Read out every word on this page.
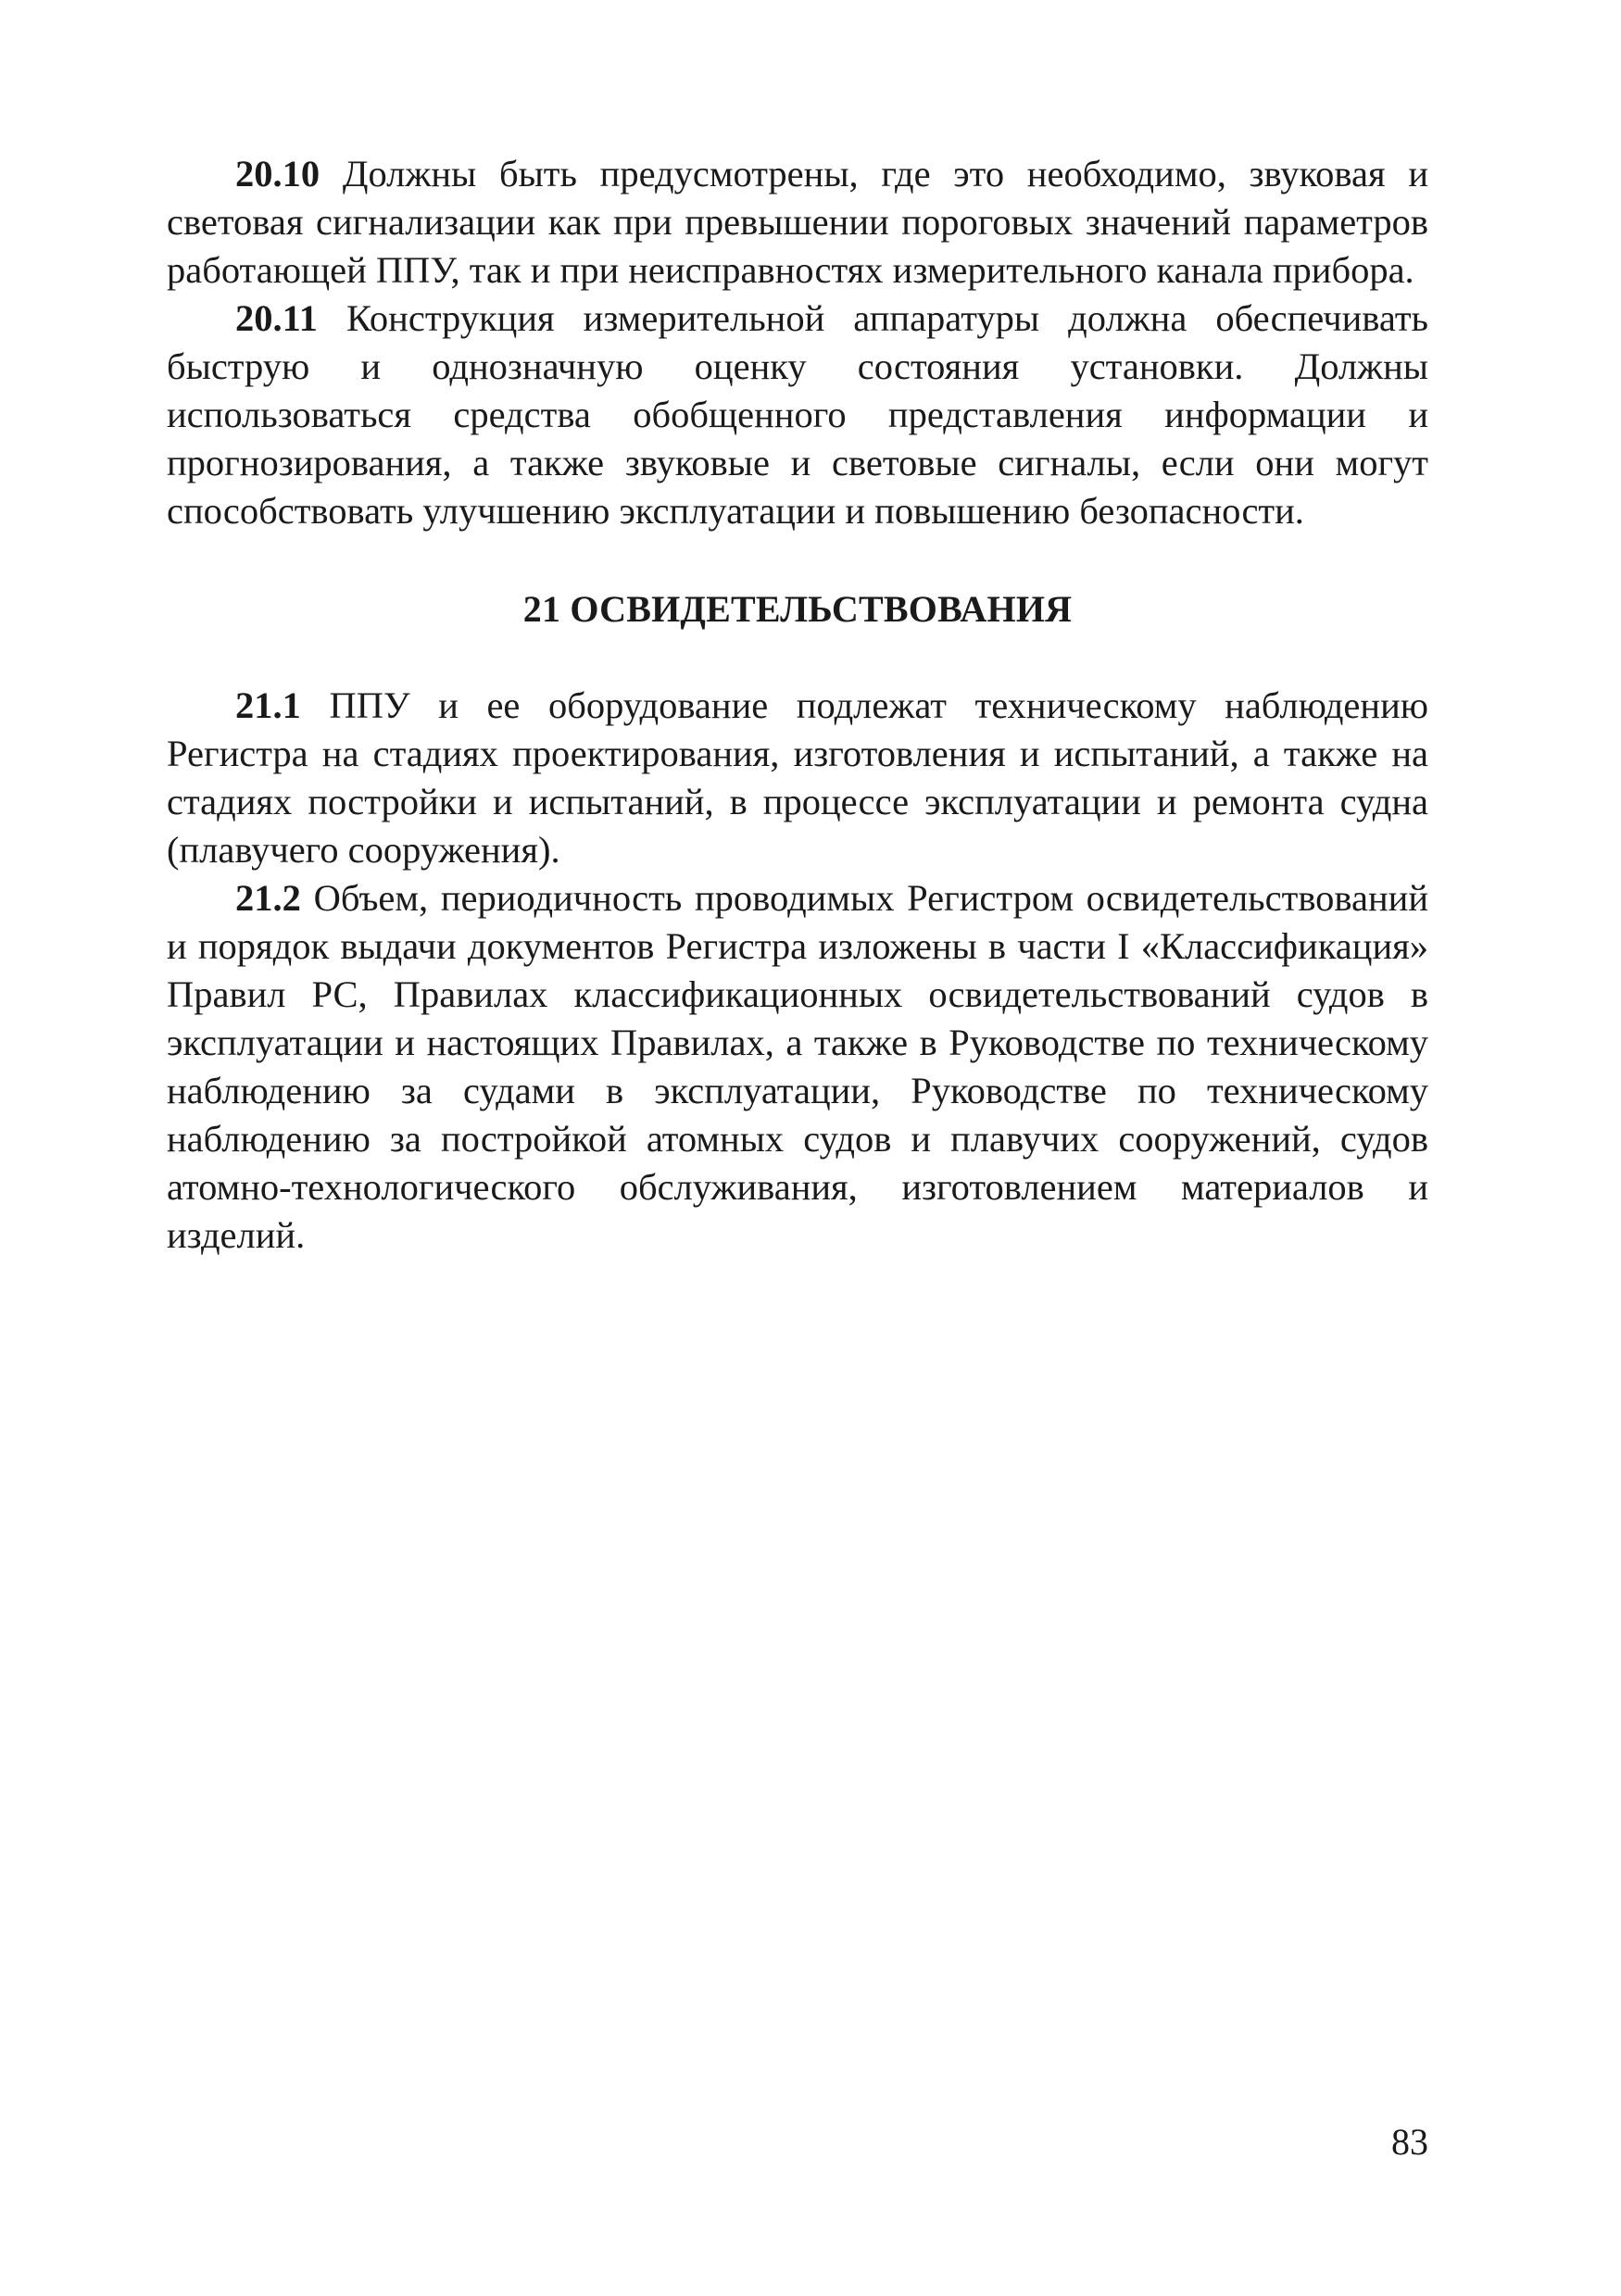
20.10 Должны быть предусмотрены, где это необходимо, звуковая и световая сигнализации как при превышении пороговых значений параметров работающей ППУ, так и при неисправностях измерительного канала прибора.

20.11 Конструкция измерительной аппаратуры должна обеспечивать быструю и однозначную оценку состояния установки. Должны использоваться средства обобщенного представления информации и прогнозирования, а также звуковые и световые сигналы, если они могут способствовать улучшению эксплуатации и повышению безопасности.

21 ОСВИДЕТЕЛЬСТВОВАНИЯ

21.1 ППУ и ее оборудование подлежат техническому наблюдению Регистра на стадиях проектирования, изготовления и испытаний, а также на стадиях постройки и испытаний, в процессе эксплуатации и ремонта судна (плавучего сооружения).

21.2 Объем, периодичность проводимых Регистром освидетельствований и порядок выдачи документов Регистра изложены в части I «Классификация» Правил РС, Правилах классификационных освидетельствований судов в эксплуатации и настоящих Правилах, а также в Руководстве по техническому наблюдению за судами в эксплуатации, Руководстве по техническому наблюдению за постройкой атомных судов и плавучих сооружений, судов атомно-технологического обслуживания, изготовлением материалов и изделий.

83
